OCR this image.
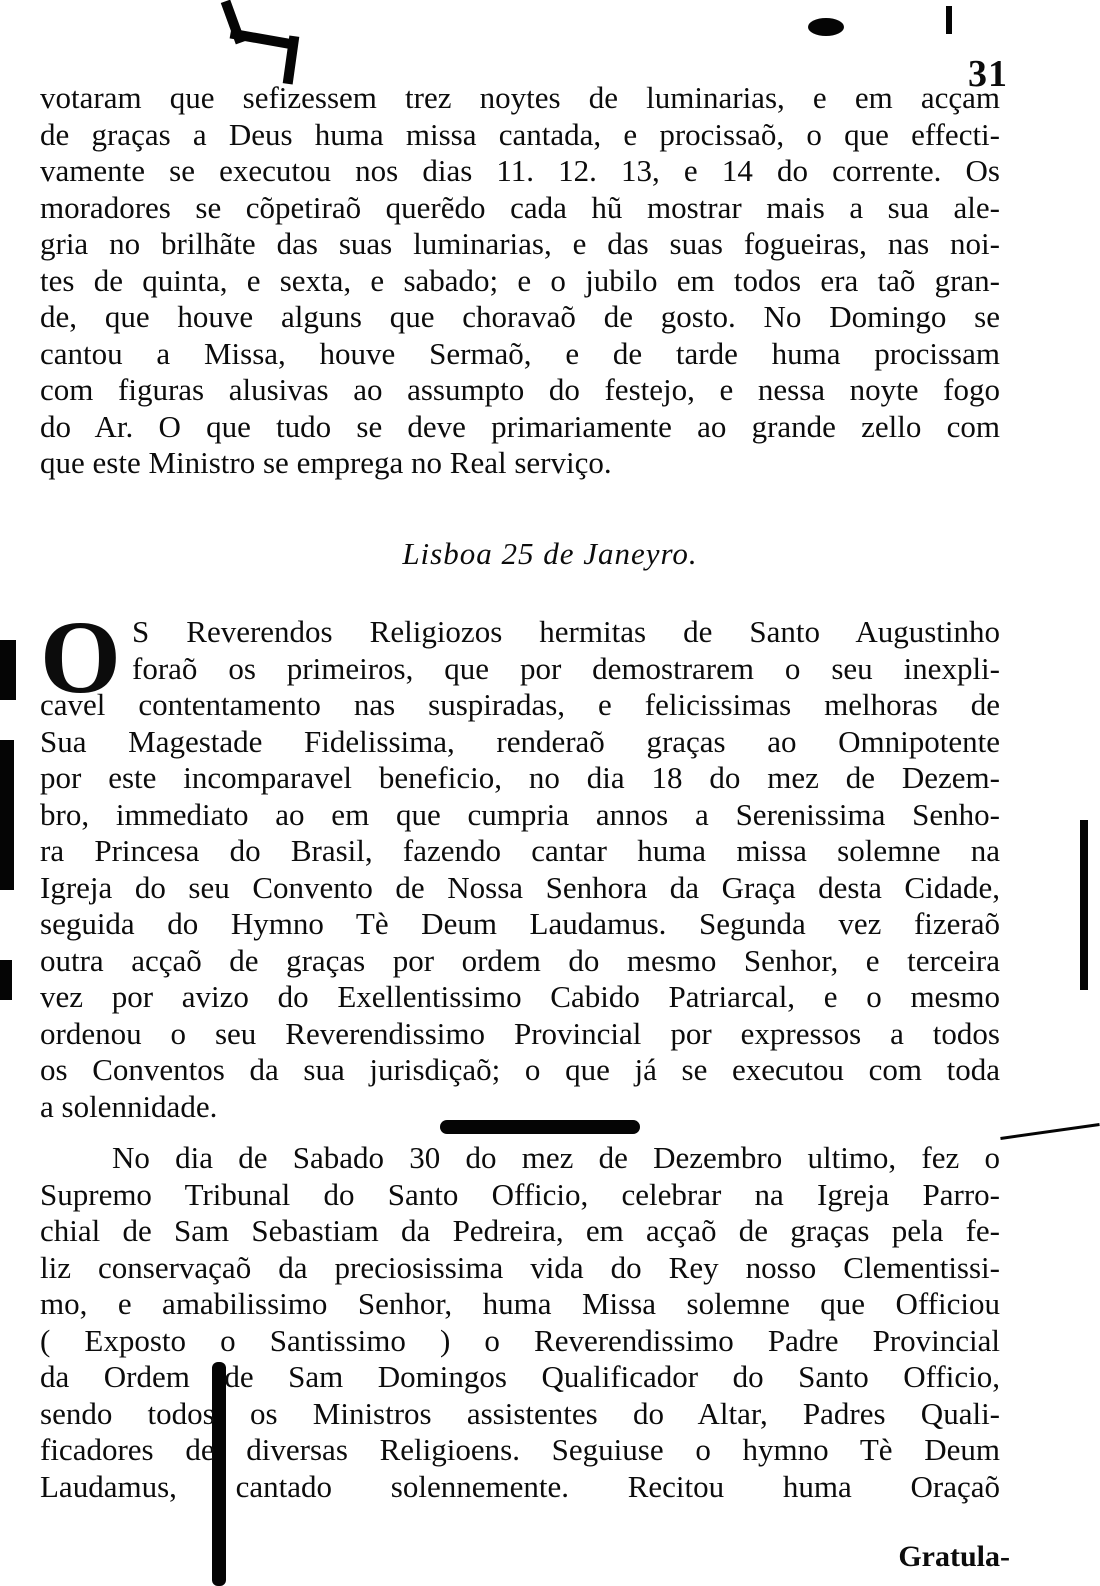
31
votaram que sefizessem trez noytes de luminarias, e em acçam
de graças a Deus huma missa cantada, e procissaõ, o que effecti-
vamente se executou nos dias 11. 12. 13, e 14 do corrente. Os
moradores se cõpetiraõ querẽdo cada hũ mostrar mais a sua ale-
gria no brilhãte das suas luminarias, e das suas fogueiras, nas noi-
tes de quinta, e sexta, e sabado; e o jubilo em todos era taõ gran-
de, que houve alguns que choravaõ de gosto. No Domingo se
cantou a Missa, houve Sermaõ, e de tarde huma procissam
com figuras alusivas ao assumpto do festejo, e nessa noyte fogo
do Ar. O que tudo se deve primariamente ao grande zello com
que este Ministro se emprega no Real serviço.
Lisboa 25 de Janeyro.
O S Reverendos Religiozos hermitas de Santo Augustinho
foraõ os primeiros, que por demostrarem o seu inexpli-
cavel contentamento nas suspiradas, e felicissimas melhoras de
Sua Magestade Fidelissima, renderaõ graças ao Omnipotente
por este incomparavel beneficio, no dia 18 do mez de Dezem-
bro, immediato ao em que cumpria annos a Serenissima Senho-
ra Princesa do Brasil, fazendo cantar huma missa solemne na
Igreja do seu Convento de Nossa Senhora da Graça desta Cidade,
seguida do Hymno Tè Deum Laudamus. Segunda vez fizeraõ
outra acçaõ de graças por ordem do mesmo Senhor, e terceira
vez por avizo do Exellentissimo Cabido Patriarcal, e o mesmo
ordenou o seu Reverendissimo Provincial por expressos a todos
os Conventos da sua jurisdiçaõ; o que já se executou com toda
a solennidade.
No dia de Sabado 30 do mez de Dezembro ultimo, fez o
Supremo Tribunal do Santo Officio, celebrar na Igreja Parro-
chial de Sam Sebastiam da Pedreira, em acçaõ de graças pela fe-
liz conservaçaõ da preciosissima vida do Rey nosso Clementissi-
mo, e amabilissimo Senhor, huma Missa solemne que Officiou
( Exposto o Santissimo ) o Reverendissimo Padre Provincial
da Ordem de Sam Domingos Qualificador do Santo Officio,
sendo todos os Ministros assistentes do Altar, Padres Quali-
ficadores de diversas Religioens. Seguiuse o hymno Tè Deum
Laudamus, cantado solennemente. Recitou huma Oraçaõ
Gratula-
